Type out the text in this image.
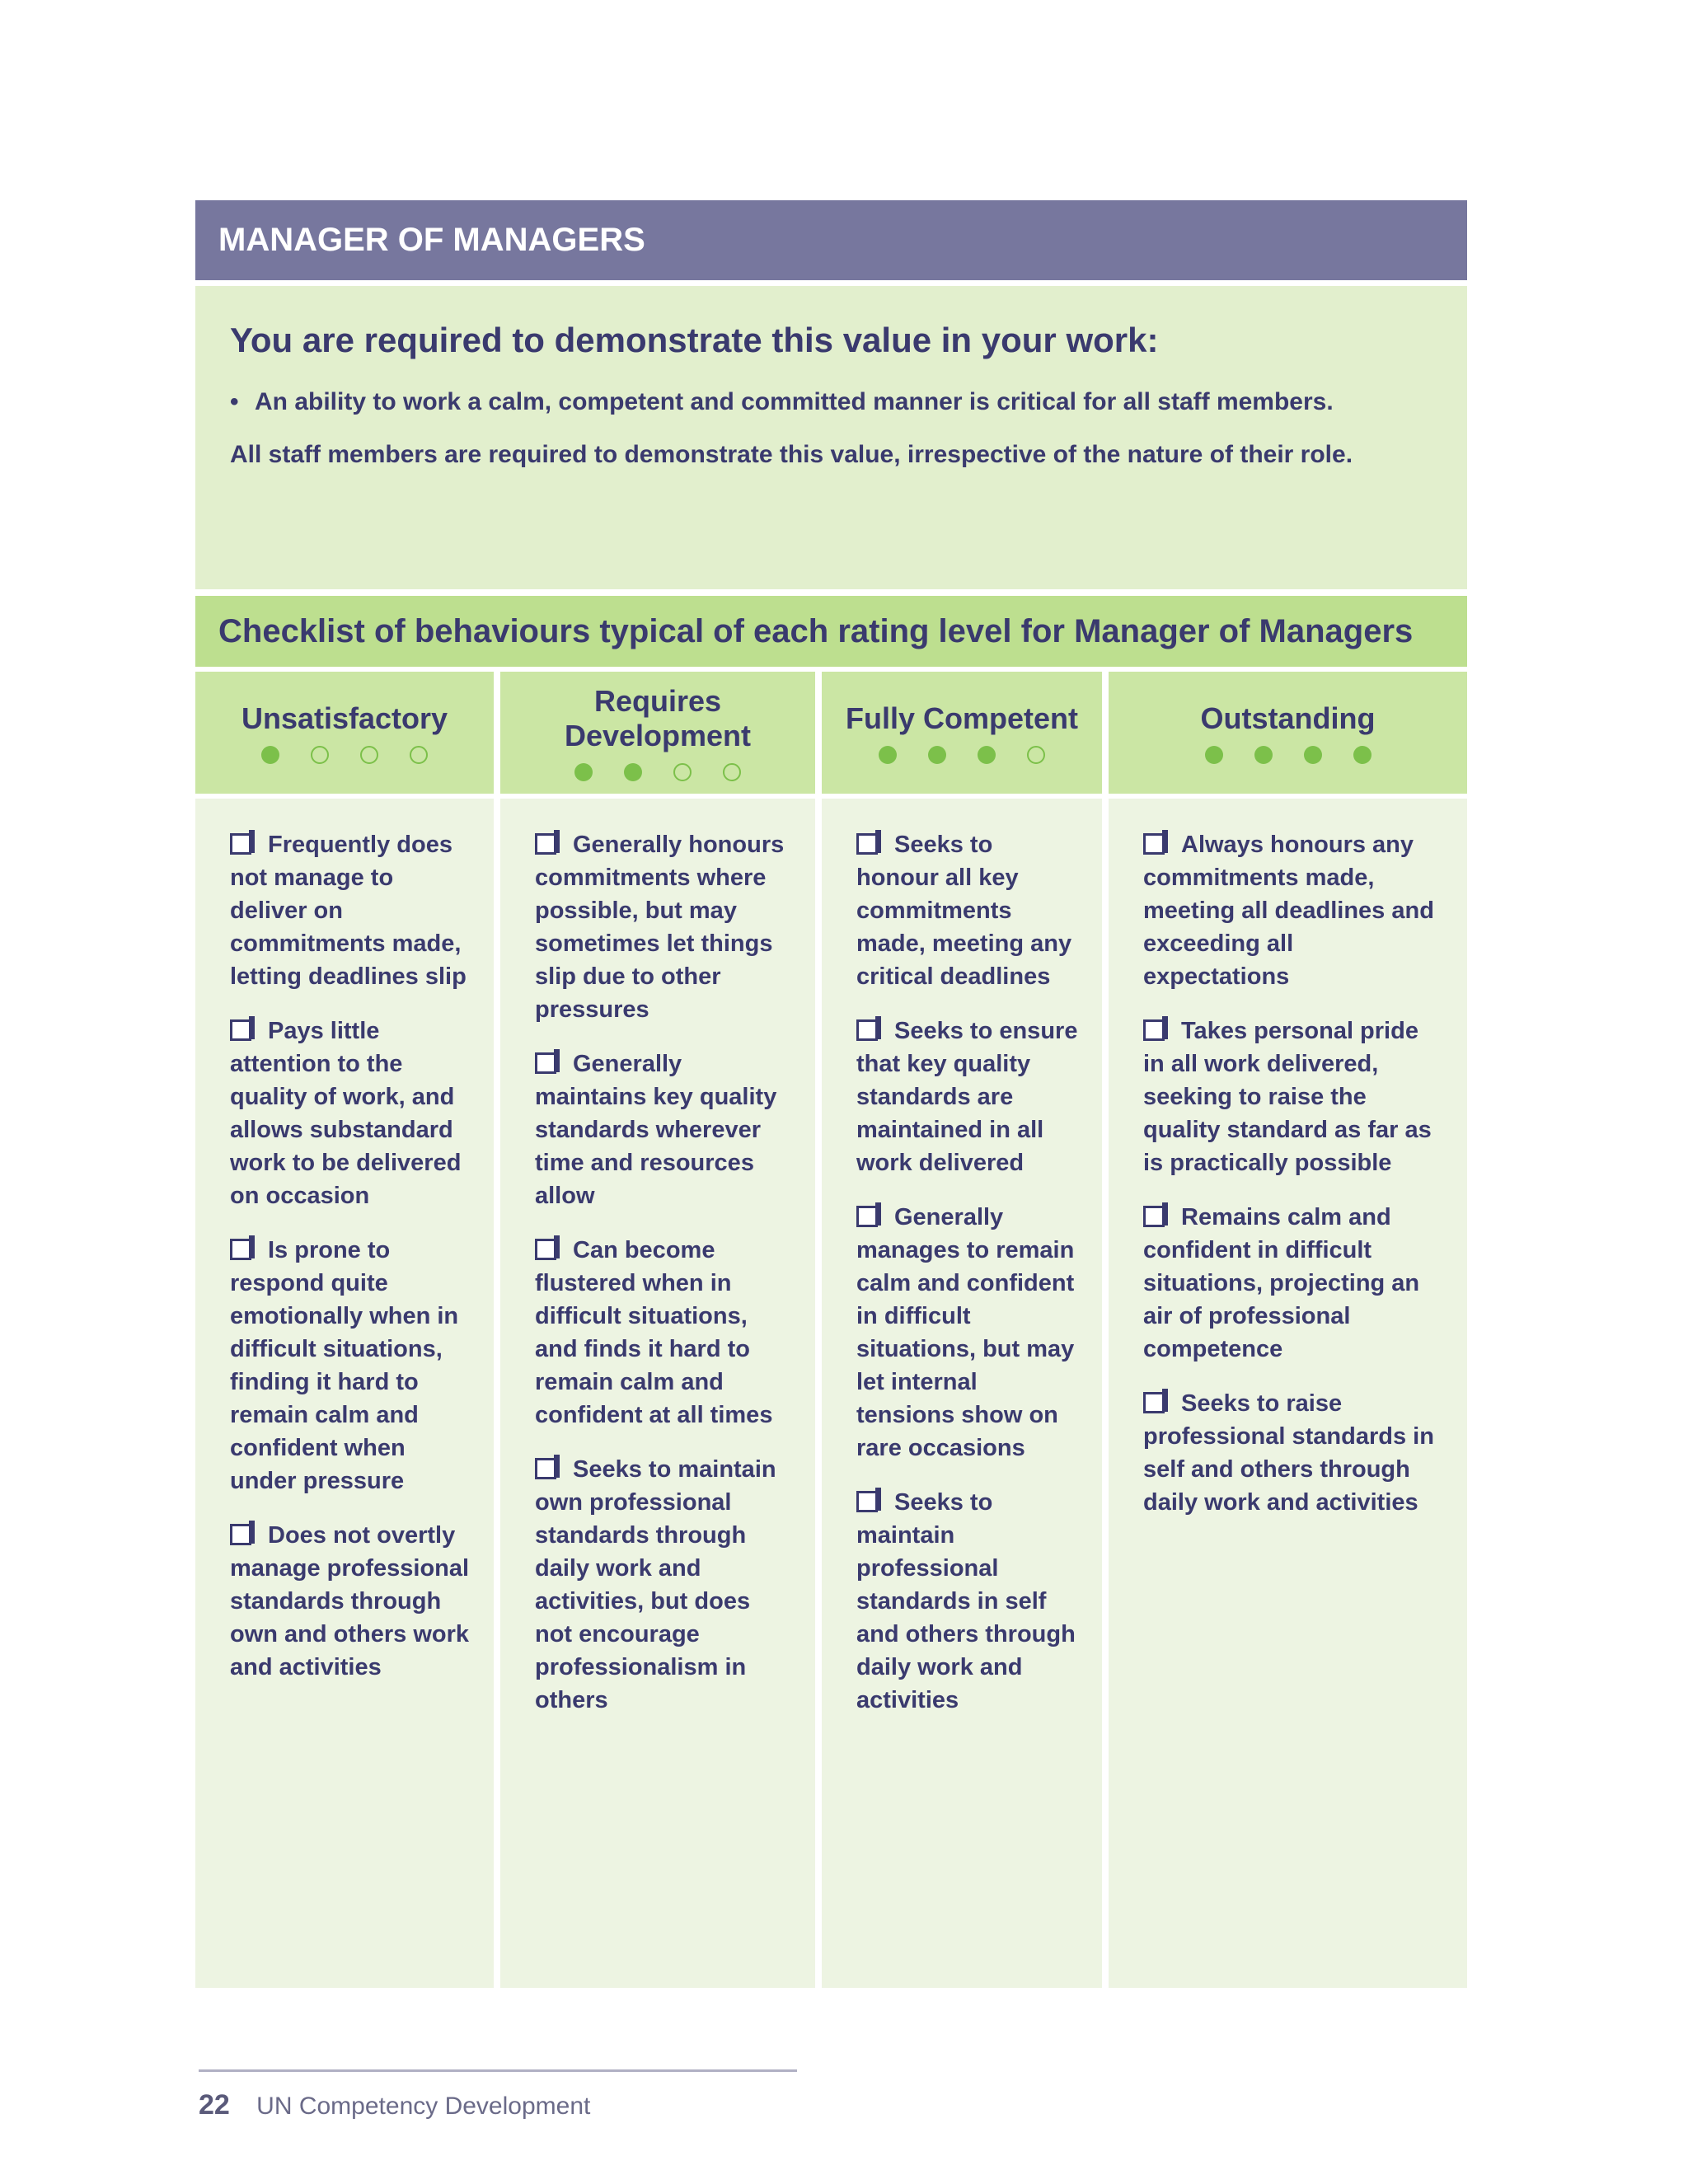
MANAGER OF MANAGERS
You are required to demonstrate this value in your work:
• An ability to work a calm, competent and committed manner is critical for all staff members.
All staff members are required to demonstrate this value, irrespective of the nature of their role.
Checklist of behaviours typical of each rating level for Manager of Managers
Unsatisfactory
Requires Development
Fully Competent	Outstanding
Frequently does not manage to deliver on commitments made, letting deadlines slip
Pays little attention to the quality of work, and allows substandard work to be delivered on occasion
Is prone to respond quite emotionally when in difficult situations, finding it hard to remain calm and confident when under pressure
Does not overtly manage professional standards through own and others work and activities
Generally honours commitments where possible, but may sometimes let things slip due to other pressures
Generally maintains key quality standards wherever time and resources allow
Can become flustered when in difficult situations, and finds it hard to remain calm and confident at all times
Seeks to maintain own professional standards through daily work and activities, but does not encourage professionalism in others
Seeks to honour all key commitments made, meeting any critical deadlines
Seeks to ensure that key quality standards are maintained in all work delivered
Generally manages to remain calm and confident in difficult situations, but may let internal tensions show on rare occasions
Seeks to maintain professional standards in self and others through daily work and activities
Always honours any commitments made, meeting all deadlines and exceeding all expectations
Takes personal pride in all work delivered, seeking to raise the quality standard as far as is practically possible
Remains calm and confident in difficult situations, projecting an air of professional competence
Seeks to raise professional standards in self and others through daily work and activities
22 UN Competency Development
